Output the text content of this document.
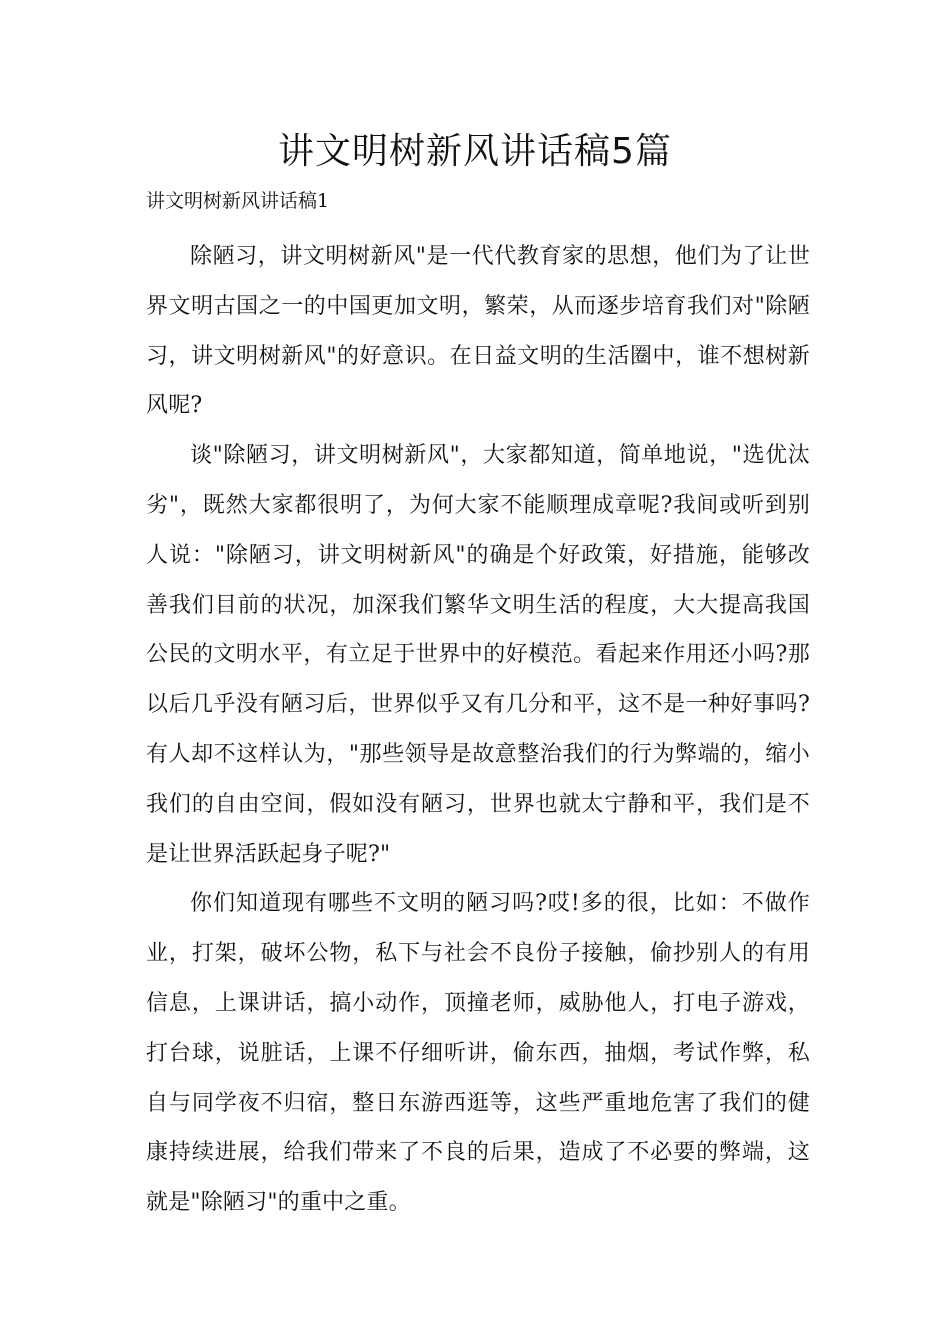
讲文明树新风讲话稿5篇
讲文明树新风讲话稿1

除陋习，讲文明树新风"是一代代教育家的思想，他们为了让世界文明古国之一的中国更加文明，繁荣，从而逐步培育我们对"除陋习，讲文明树新风"的好意识。在日益文明的生活圈中，谁不想树新风呢?

谈"除陋习，讲文明树新风"，大家都知道，简单地说，"选优汰劣"，既然大家都很明了，为何大家不能顺理成章呢?我间或听到别人说："除陋习，讲文明树新风"的确是个好政策，好措施，能够改善我们目前的状况，加深我们繁华文明生活的程度，大大提高我国公民的文明水平，有立足于世界中的好模范。看起来作用还小吗?那以后几乎没有陋习后，世界似乎又有几分和平，这不是一种好事吗?有人却不这样认为，"那些领导是故意整治我们的行为弊端的，缩小我们的自由空间，假如没有陋习，世界也就太宁静和平，我们是不是让世界活跃起身子呢?"

你们知道现有哪些不文明的陋习吗?哎!多的很，比如：不做作业，打架，破坏公物，私下与社会不良份子接触，偷抄别人的有用信息，上课讲话，搞小动作，顶撞老师，威胁他人，打电子游戏，打台球，说脏话，上课不仔细听讲，偷东西，抽烟，考试作弊，私自与同学夜不归宿，整日东游西逛等，这些严重地危害了我们的健康持续进展，给我们带来了不良的后果，造成了不必要的弊端，这就是"除陋习"的重中之重。
